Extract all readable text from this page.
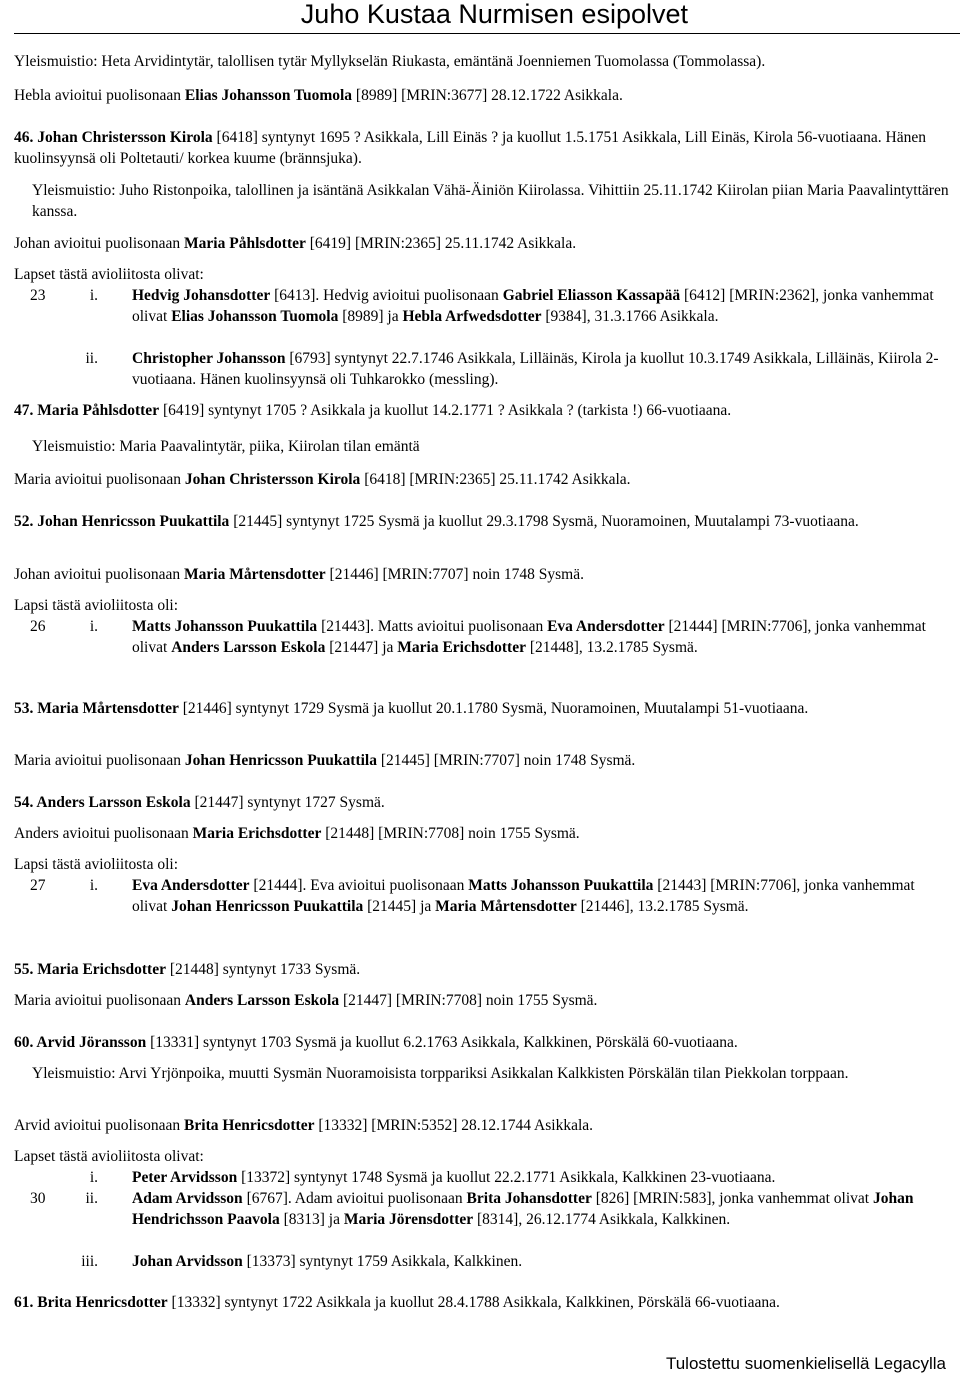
Juho Kustaa Nurmisen esipolvet

Yleismuistio: Heta Arvidintytär, talollisen tytär Myllykselän Riukasta, emäntänä Joenniemen Tuomolassa (Tommolassa).

Hebla avioitui puolisonaan Elias Johansson Tuomola [8989] [MRIN:3677] 28.12.1722 Asikkala.

46. Johan Christersson Kirola [6418] syntynyt 1695 ? Asikkala, Lill Einäs ? ja kuollut 1.5.1751 Asikkala, Lill Einäs, Kirola 56-vuotiaana. Hänen kuolinsyynsä oli Poltetauti/ korkea kuume (brännsjuka).

Yleismuistio: Juho Ristonpoika, talollinen ja isäntänä Asikkalan Vähä-Äiniön Kiirolassa. Vihittiin 25.11.1742 Kiirolan piian Maria Paavalintyttären kanssa.

Johan avioitui puolisonaan Maria Påhlsdotter [6419] [MRIN:2365] 25.11.1742 Asikkala.

Lapset tästä avioliitosta olivat:

23	i. Hedvig Johansdotter [6413]. Hedvig avioitui puolisonaan Gabriel Eliasson Kassapää [6412] [MRIN:2362], jonka vanhemmat olivat Elias Johansson Tuomola [8989] ja Hebla Arfwedsdotter [9384], 31.3.1766 Asikkala.

ii. Christopher Johansson [6793] syntynyt 22.7.1746 Asikkala, Lilläinäs, Kirola ja kuollut 10.3.1749 Asikkala, Lilläinäs, Kiirola 2-vuotiaana. Hänen kuolinsyynsä oli Tuhkarokko (messling).

47. Maria Påhlsdotter [6419] syntynyt 1705 ? Asikkala ja kuollut 14.2.1771 ? Asikkala ? (tarkista !) 66-vuotiaana.

Yleismuistio: Maria Paavalintytär, piika, Kiirolan tilan emäntä

Maria avioitui puolisonaan Johan Christersson Kirola [6418] [MRIN:2365] 25.11.1742 Asikkala.

52. Johan Henricsson Puukattila [21445] syntynyt 1725 Sysmä ja kuollut 29.3.1798 Sysmä, Nuoramoinen, Muutalampi 73-vuotiaana.

Johan avioitui puolisonaan Maria Mårtensdotter [21446] [MRIN:7707] noin 1748 Sysmä.

Lapsi tästä avioliitosta oli:

26	i. Matts Johansson Puukattila [21443]. Matts avioitui puolisonaan Eva Andersdotter [21444] [MRIN:7706], jonka vanhemmat olivat Anders Larsson Eskola [21447] ja Maria Erichsdotter [21448], 13.2.1785 Sysmä.

53. Maria Mårtensdotter [21446] syntynyt 1729 Sysmä ja kuollut 20.1.1780 Sysmä, Nuoramoinen, Muutalampi 51-vuotiaana.

Maria avioitui puolisonaan Johan Henricsson Puukattila [21445] [MRIN:7707] noin 1748 Sysmä.

54. Anders Larsson Eskola [21447] syntynyt 1727 Sysmä.

Anders avioitui puolisonaan Maria Erichsdotter [21448] [MRIN:7708] noin 1755 Sysmä.

Lapsi tästä avioliitosta oli:

27	i. Eva Andersdotter [21444]. Eva avioitui puolisonaan Matts Johansson Puukattila [21443] [MRIN:7706], jonka vanhemmat olivat Johan Henricsson Puukattila [21445] ja Maria Mårtensdotter [21446], 13.2.1785 Sysmä.

55. Maria Erichsdotter [21448] syntynyt 1733 Sysmä.

Maria avioitui puolisonaan Anders Larsson Eskola [21447] [MRIN:7708] noin 1755 Sysmä.

60. Arvid Jöransson [13331] syntynyt 1703 Sysmä ja kuollut 6.2.1763 Asikkala, Kalkkinen, Pörskälä 60-vuotiaana.

Yleismuistio: Arvi Yrjönpoika, muutti Sysmän Nuoramoisista torppariksi Asikkalan Kalkkisten Pörskälän tilan Piekkolan torppaan.

Arvid avioitui puolisonaan Brita Henricsdotter [13332] [MRIN:5352] 28.12.1744 Asikkala.

Lapset tästä avioliitosta olivat:

i. Peter Arvidsson [13372] syntynyt 1748 Sysmä ja kuollut 22.2.1771 Asikkala, Kalkkinen 23-vuotiaana.

30	ii. Adam Arvidsson [6767]. Adam avioitui puolisonaan Brita Johansdotter [826] [MRIN:583], jonka vanhemmat olivat Johan Hendrichsson Paavola [8313] ja Maria Jörensdotter [8314], 26.12.1774 Asikkala, Kalkkinen.

iii. Johan Arvidsson [13373] syntynyt 1759 Asikkala, Kalkkinen.

61. Brita Henricsdotter [13332] syntynyt 1722 Asikkala ja kuollut 28.4.1788 Asikkala, Kalkkinen, Pörskälä 66-vuotiaana.

Tulostettu suomenkielisellä Legacylla
